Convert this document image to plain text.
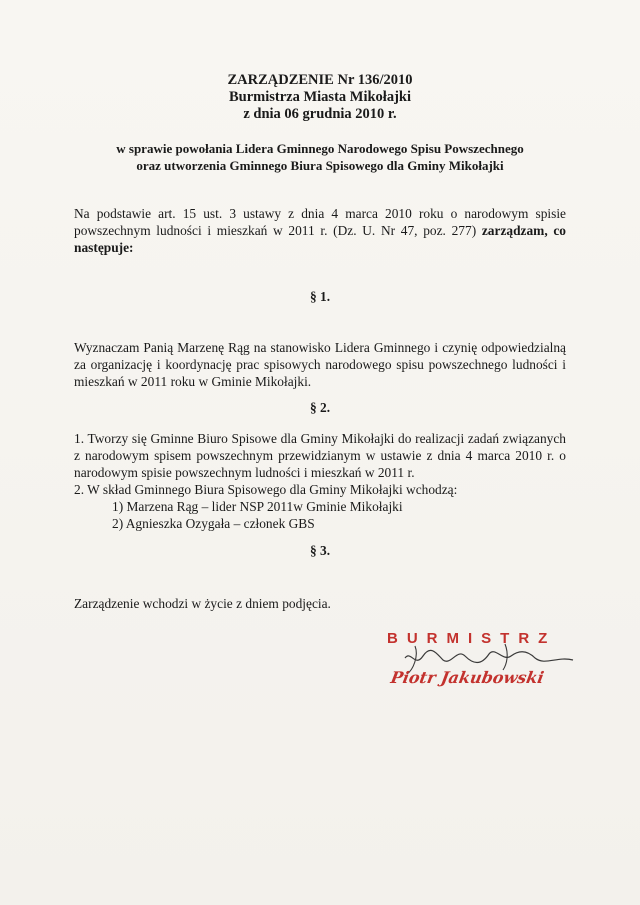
ZARZĄDZENIE Nr 136/2010
Burmistrza Miasta Mikołajki
z dnia 06 grudnia 2010 r.
w sprawie powołania Lidera Gminnego Narodowego Spisu Powszechnego
oraz utworzenia Gminnego Biura Spisowego dla Gminy Mikołajki
Na podstawie art. 15 ust. 3 ustawy z dnia 4 marca 2010 roku o narodowym spisie powszechnym ludności i mieszkań w 2011 r. (Dz. U. Nr 47, poz. 277) zarządzam, co następuje:
§ 1.
Wyznaczam Panią Marzenę Rąg na stanowisko Lidera Gminnego i czynię odpowiedzialną za organizację i koordynację prac spisowych narodowego spisu powszechnego ludności i mieszkań w 2011 roku w Gminie Mikołajki.
§ 2.
1. Tworzy się Gminne Biuro Spisowe dla Gminy Mikołajki do realizacji zadań związanych z narodowym spisem powszechnym przewidzianym w ustawie z dnia 4 marca 2010 r. o narodowym spisie powszechnym ludności i mieszkań w 2011 r.
2. W skład Gminnego Biura Spisowego dla Gminy Mikołajki wchodzą:
1) Marzena Rąg – lider NSP 2011w Gminie Mikołajki
2) Agnieszka Ozygała – członek GBS
§ 3.
Zarządzenie wchodzi w życie z dniem podjęcia.
BURMISTRZ
Piotr Jakubowski
